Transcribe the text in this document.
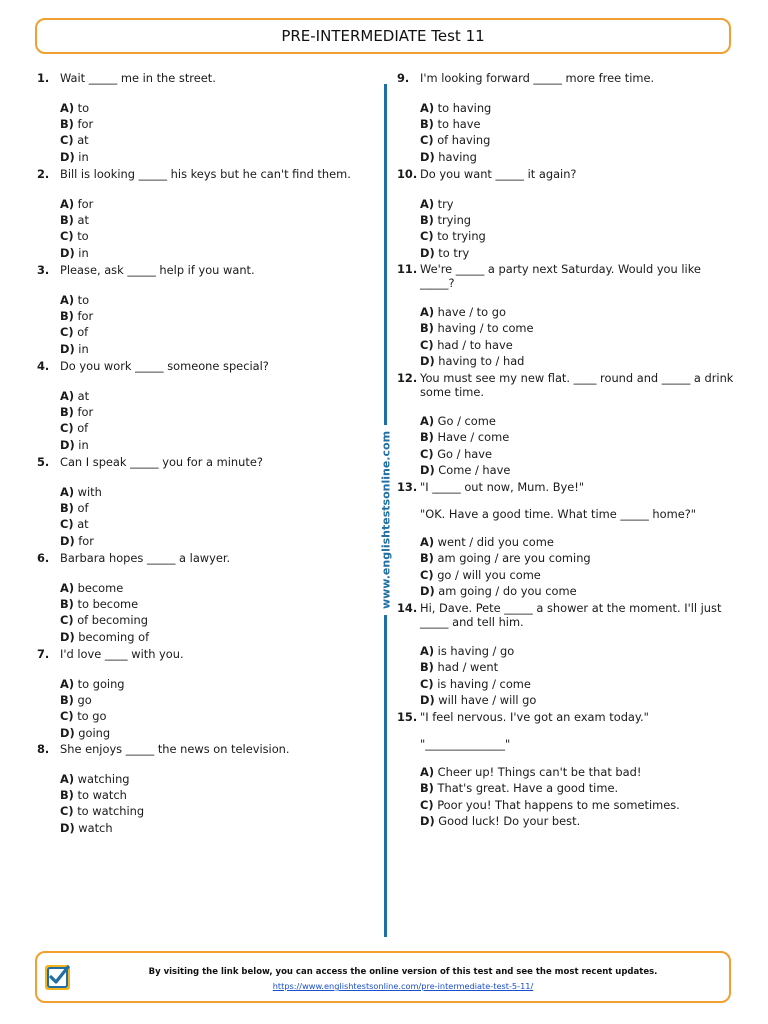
PRE-INTERMEDIATE Test 11
1. Wait _____ me in the street.
A) to
B) for
C) at
D) in
2. Bill is looking _____ his keys but he can't find them.
A) for
B) at
C) to
D) in
3. Please, ask _____ help if you want.
A) to
B) for
C) of
D) in
4. Do you work _____ someone special?
A) at
B) for
C) of
D) in
5. Can I speak _____ you for a minute?
A) with
B) of
C) at
D) for
6. Barbara hopes _____ a lawyer.
A) become
B) to become
C) of becoming
D) becoming of
7. I'd love ____ with you.
A) to going
B) go
C) to go
D) going
8. She enjoys _____ the news on television.
A) watching
B) to watch
C) to watching
D) watch
9. I'm looking forward _____ more free time.
A) to having
B) to have
C) of having
D) having
10. Do you want _____ it again?
A) try
B) trying
C) to trying
D) to try
11. We're _____ a party next Saturday. Would you like _____?
A) have / to go
B) having / to come
C) had / to have
D) having to / had
12. You must see my new flat. ____ round and _____ a drink some time.
A) Go / come
B) Have / come
C) Go / have
D) Come / have
13. "I _____ out now, Mum. Bye!"
"OK. Have a good time. What time _____ home?"
A) went / did you come
B) am going / are you coming
C) go / will you come
D) am going / do you come
14. Hi, Dave. Pete _____ a shower at the moment. I'll just _____ and tell him.
A) is having / go
B) had / went
C) is having / come
D) will have / will go
15. "I feel nervous. I've got an exam today."
"______________"
A) Cheer up! Things can't be that bad!
B) That's great. Have a good time.
C) Poor you! That happens to me sometimes.
D) Good luck! Do your best.
www.englishtestsonline.com
By visiting the link below, you can access the online version of this test and see the most recent updates.
https://www.englishtestsonline.com/pre-intermediate-test-5-11/
